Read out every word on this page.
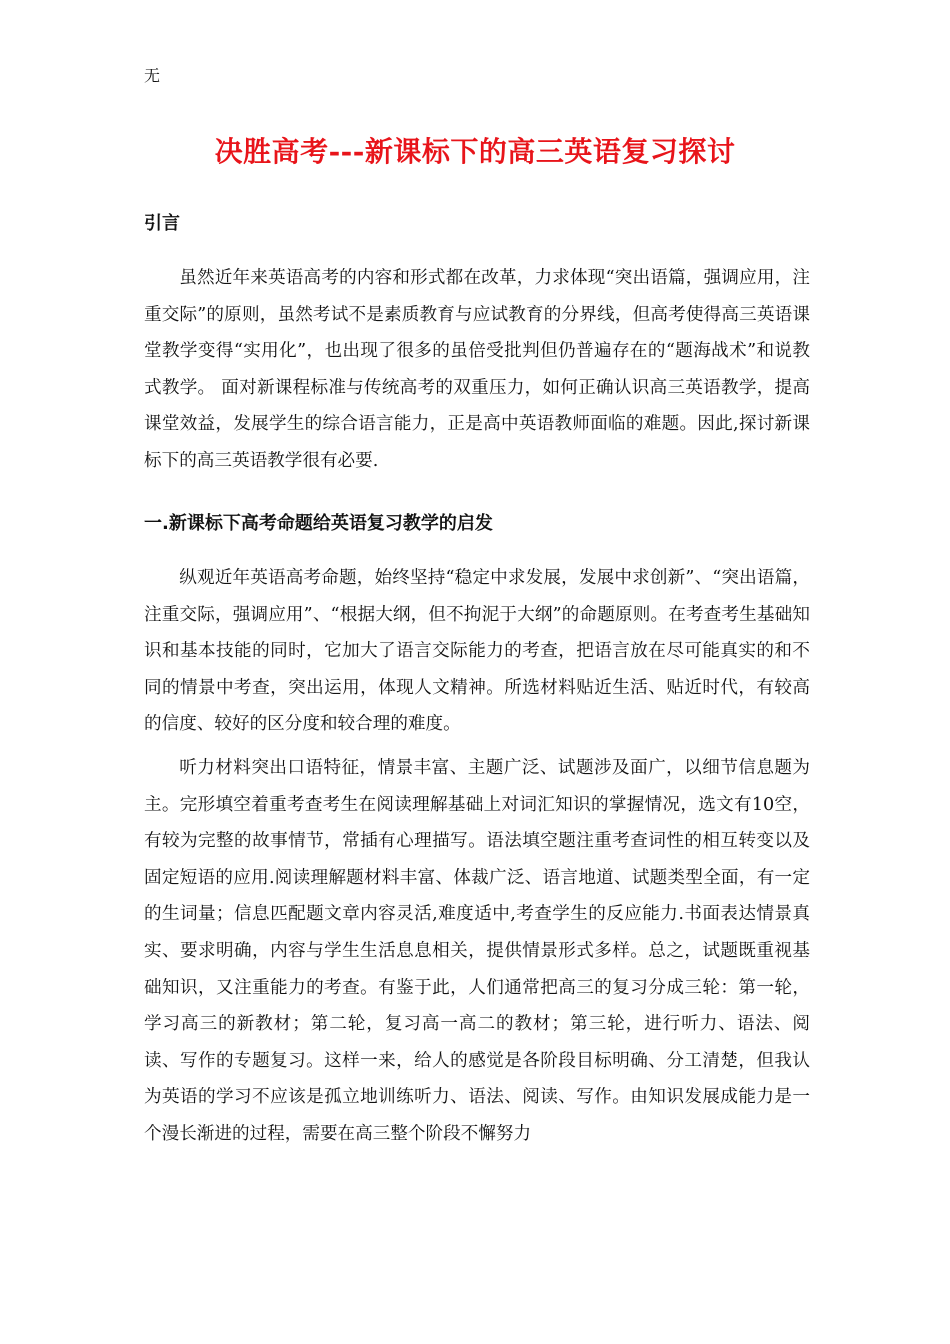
无
决胜高考---新课标下的高三英语复习探讨
引言

虽然近年来英语高考的内容和形式都在改革，力求体现“突出语篇，强调应用，注重交际”的原则，虽然考试不是素质教育与应试教育的分界线，但高考使得高三英语课堂教学变得“实用化”，也出现了很多的虽倍受批判但仍普遍存在的“题海战术”和说教式教学。 面对新课程标准与传统高考的双重压力，如何正确认识高三英语教学，提高课堂效益，发展学生的综合语言能力，正是高中英语教师面临的难题。因此,探讨新课标下的高三英语教学很有必要.

一.新课标下高考命题给英语复习教学的启发

纵观近年英语高考命题，始终坚持“稳定中求发展，发展中求创新”、“突出语篇，注重交际，强调应用”、“根据大纲，但不拘泥于大纲”的命题原则。在考查考生基础知识和基本技能的同时，它加大了语言交际能力的考查，把语言放在尽可能真实的和不同的情景中考查，突出运用，体现人文精神。所选材料贴近生活、贴近时代，有较高的信度、较好的区分度和较合理的难度。

听力材料突出口语特征，情景丰富、主题广泛、试题涉及面广，以细节信息题为主。完形填空着重考查考生在阅读理解基础上对词汇知识的掌握情况，选文有10空，有较为完整的故事情节，常插有心理描写。语法填空题注重考查词性的相互转变以及固定短语的应用.阅读理解题材料丰富、体裁广泛、语言地道、试题类型全面，有一定的生词量；信息匹配题文章内容灵活,难度适中,考查学生的反应能力.书面表达情景真实、要求明确，内容与学生生活息息相关，提供情景形式多样。总之，试题既重视基础知识，又注重能力的考查。有鉴于此，人们通常把高三的复习分成三轮：第一轮，学习高三的新教材；第二轮，复习高一高二的教材；第三轮，进行听力、语法、阅读、写作的专题复习。这样一来，给人的感觉是各阶段目标明确、分工清楚，但我认为英语的学习不应该是孤立地训练听力、语法、阅读、写作。由知识发展成能力是一个漫长渐进的过程，需要在高三整个阶段不懈努力
